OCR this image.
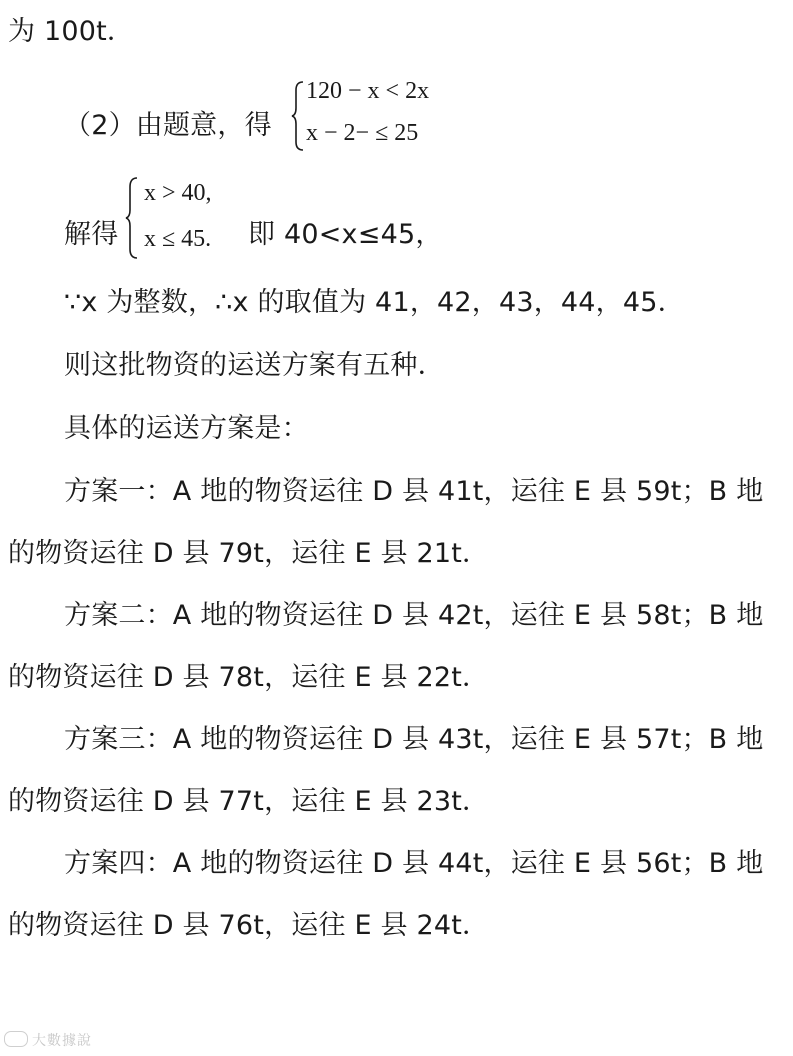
为 100t．
（2）由题意，得
120 − x < 2x
x − 2− ≤ 25
解得
x > 40,
x ≤ 45. 即 40<x≤45，
∵x 为整数，∴x 的取值为 41，42，43，44，45．
则这批物资的运送方案有五种．
具体的运送方案是：
方案一：A 地的物资运往 D 县 41t，运往 E 县 59t；B 地
的物资运往 D 县 79t，运往 E 县 21t．
方案二：A 地的物资运往 D 县 42t，运往 E 县 58t；B 地
的物资运往 D 县 78t，运往 E 县 22t．
方案三：A 地的物资运往 D 县 43t，运往 E 县 57t；B 地
的物资运往 D 县 77t，运往 E 县 23t．
方案四：A 地的物资运往 D 县 44t，运往 E 县 56t；B 地
的物资运往 D 县 76t，运往 E 县 24t．
大數據說
